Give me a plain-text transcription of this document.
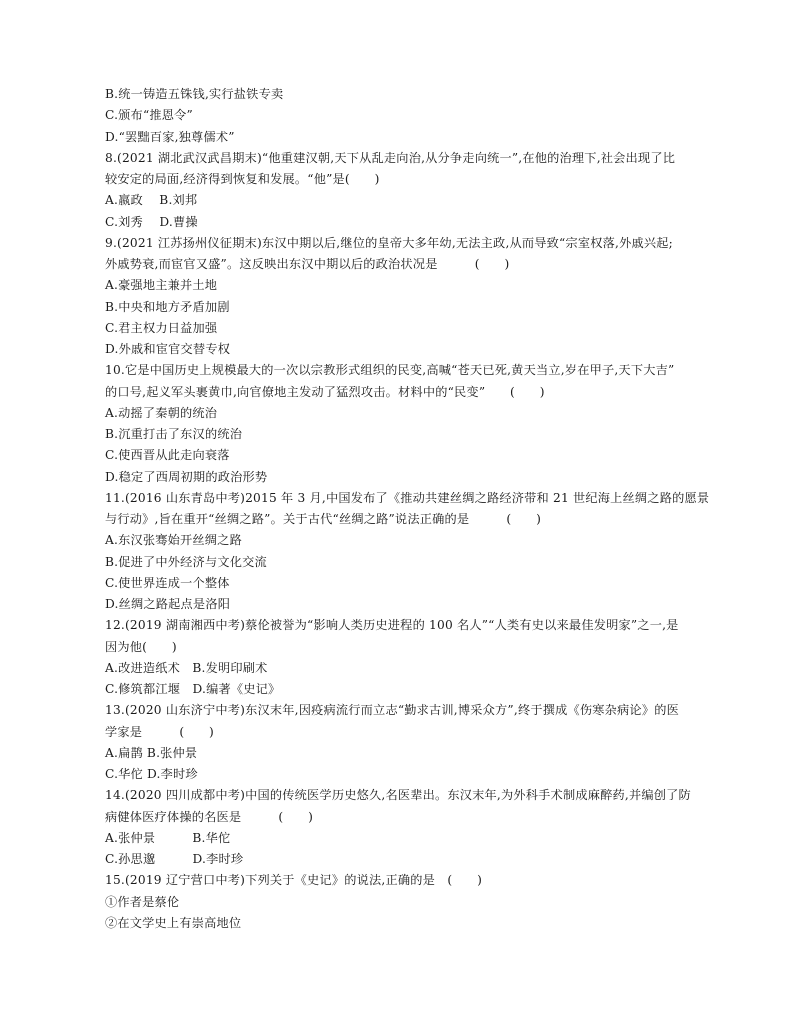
B.统一铸造五铢钱,实行盐铁专卖
C.颁布“推恩令”
D.“罢黜百家,独尊儒术”
8.(2021 湖北武汉武昌期末)“他重建汉朝,天下从乱走向治,从分争走向统一”,在他的治理下,社会出现了比
较安定的局面,经济得到恢复和发展。“他”是(　　)
A.嬴政　 B.刘邦
C.刘秀　 D.曹操
9.(2021 江苏扬州仪征期末)东汉中期以后,继位的皇帝大多年幼,无法主政,从而导致“宗室权落,外戚兴起;
外戚势衰,而宦官又盛”。这反映出东汉中期以后的政治状况是　　　(　　)
A.豪强地主兼并土地
B.中央和地方矛盾加剧
C.君主权力日益加强
D.外戚和宦官交替专权
10.它是中国历史上规模最大的一次以宗教形式组织的民变,高喊“苍天已死,黄天当立,岁在甲子,天下大吉”
的口号,起义军头裹黄巾,向官僚地主发动了猛烈攻击。材料中的“民变”　　(　　)
A.动摇了秦朝的统治
B.沉重打击了东汉的统治
C.使西晋从此走向衰落
D.稳定了西周初期的政治形势
11.(2016 山东青岛中考)2015 年 3 月,中国发布了《推动共建丝绸之路经济带和 21 世纪海上丝绸之路的愿景
与行动》,旨在重开“丝绸之路”。关于古代“丝绸之路”说法正确的是　　　(　　)
A.东汉张骞始开丝绸之路
B.促进了中外经济与文化交流
C.使世界连成一个整体
D.丝绸之路起点是洛阳
12.(2019 湖南湘西中考)蔡伦被誉为“影响人类历史进程的 100 名人”“人类有史以来最佳发明家”之一,是
因为他(　　)
A.改进造纸术　B.发明印刷术
C.修筑都江堰　D.编著《史记》
13.(2020 山东济宁中考)东汉末年,因疫病流行而立志“勤求古训,博采众方”,终于撰成《伤寒杂病论》的医
学家是　　　(　　)
A.扁鹊 B.张仲景
C.华佗 D.李时珍
14.(2020 四川成都中考)中国的传统医学历史悠久,名医辈出。东汉末年,为外科手术制成麻醉药,并编创了防
病健体医疗体操的名医是　　　(　　)
A.张仲景　　　B.华佗
C.孙思邈　　　D.李时珍
15.(2019 辽宁营口中考)下列关于《史记》的说法,正确的是　(　　)
①作者是蔡伦
②在文学史上有崇高地位
